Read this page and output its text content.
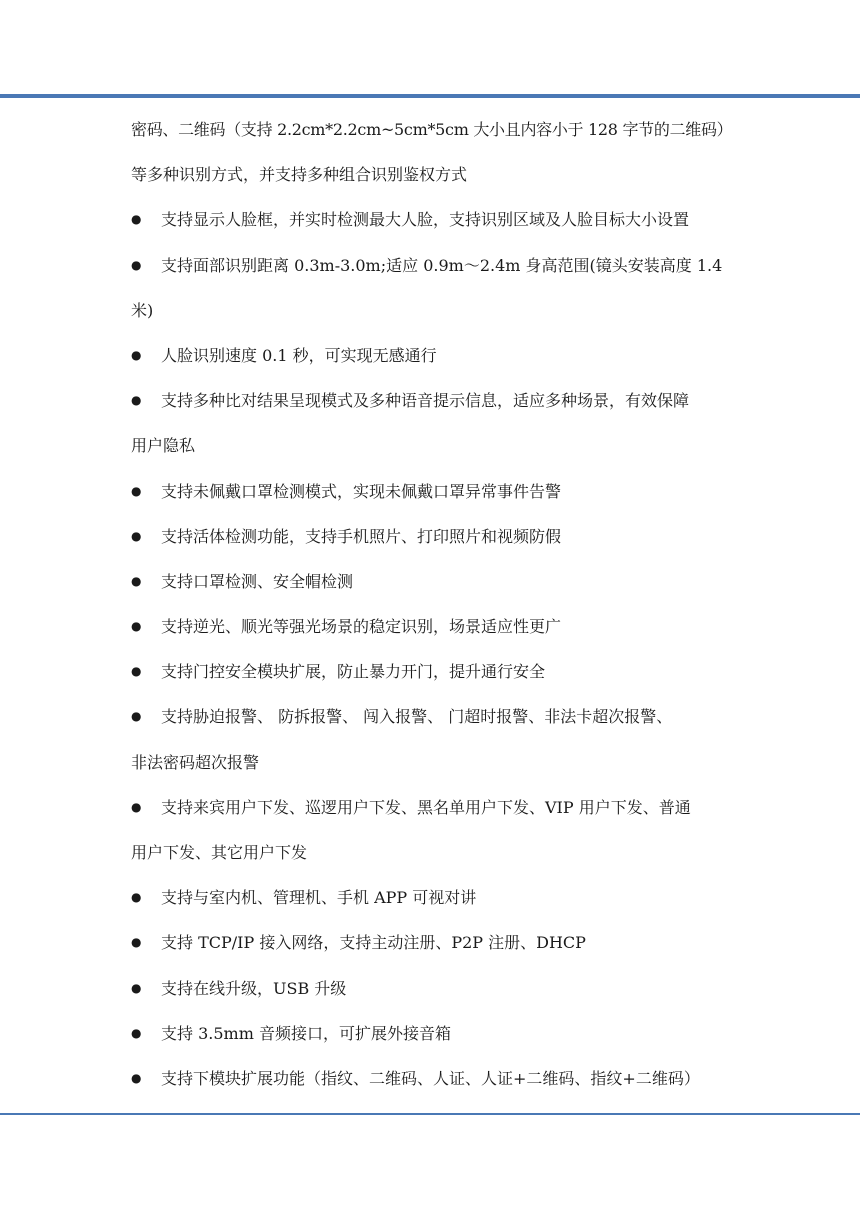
密码、二维码（支持 2.2cm*2.2cm~5cm*5cm 大小且内容小于 128 字节的二维码）
等多种识别方式，并支持多种组合识别鉴权方式
●	支持显示人脸框，并实时检测最大人脸，支持识别区域及人脸目标大小设置
●	支持面部识别距离 0.3m-3.0m;适应 0.9m～2.4m 身高范围(镜头安装高度 1.4
米)
●	人脸识别速度 0.1 秒，可实现无感通行
●	支持多种比对结果呈现模式及多种语音提示信息，适应多种场景，有效保障
用户隐私
●	支持未佩戴口罩检测模式，实现未佩戴口罩异常事件告警
●	支持活体检测功能，支持手机照片、打印照片和视频防假
●	支持口罩检测、安全帽检测
●	支持逆光、顺光等强光场景的稳定识别，场景适应性更广
●	支持门控安全模块扩展，防止暴力开门，提升通行安全
●	支持胁迫报警、 防拆报警、 闯入报警、 门超时报警、非法卡超次报警、
非法密码超次报警
●	支持来宾用户下发、巡逻用户下发、黑名单用户下发、VIP 用户下发、普通
用户下发、其它用户下发
●	支持与室内机、管理机、手机 APP 可视对讲
●	支持 TCP/IP 接入网络，支持主动注册、P2P 注册、DHCP
●	支持在线升级，USB 升级
●	支持 3.5mm 音频接口，可扩展外接音箱
●	支持下模块扩展功能（指纹、二维码、人证、人证+二维码、指纹+二维码）
